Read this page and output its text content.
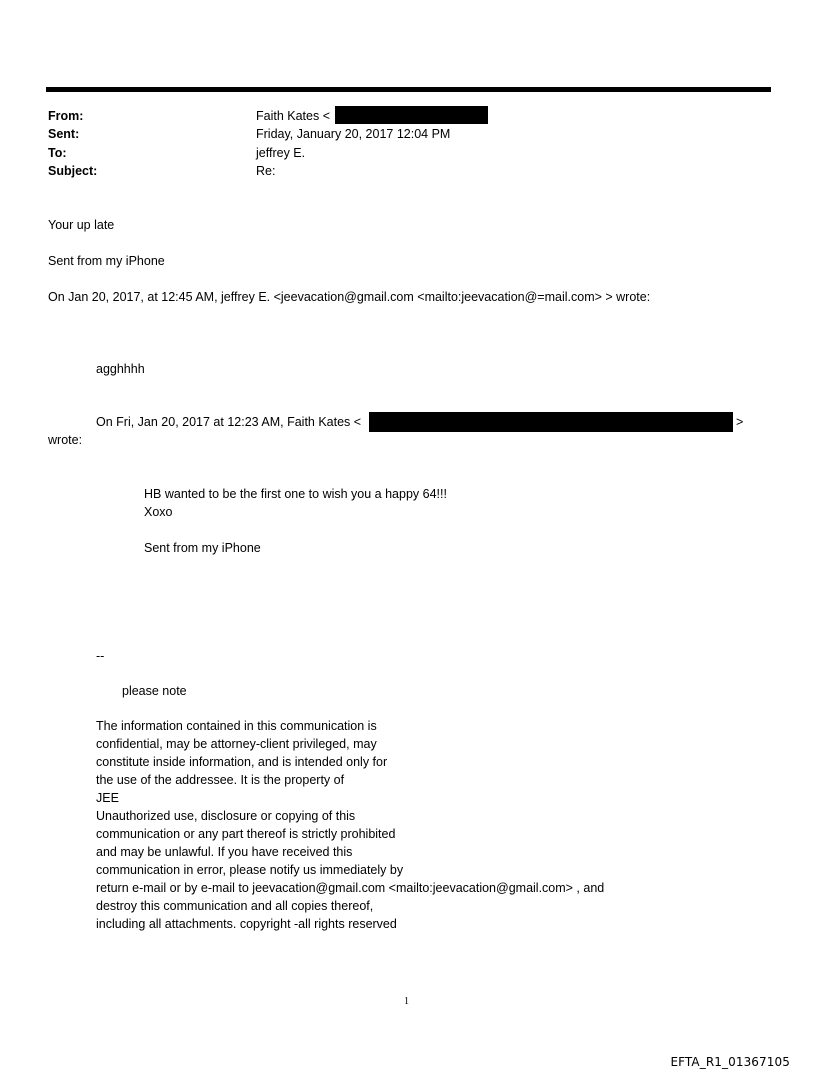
From:	Faith Kates <
Sent:	Friday, January 20, 2017 12:04 PM
To:	jeffrey E.
Subject:	Re:
Your up late
Sent from my iPhone
On Jan 20, 2017, at 12:45 AM, jeffrey E. <jeevacation@gmail.com <mailto:jeevacation@=mail.com> > wrote:
agghhhh
On Fri, Jan 20, 2017 at 12:23 AM, Faith Kates <	>
wrote:
HB wanted to be the first one to wish you a happy 64!!!
Xoxo
Sent from my iPhone
--
please note
The information contained in this communication is
confidential, may be attorney-client privileged, may
constitute inside information, and is intended only for
the use of the addressee. It is the property of
JEE
Unauthorized use, disclosure or copying of this
communication or any part thereof is strictly prohibited
and may be unlawful. If you have received this
communication in error, please notify us immediately by
return e-mail or by e-mail to jeevacation@gmail.com <mailto:jeevacation@gmail.com> , and
destroy this communication and all copies thereof,
including all attachments. copyright -all rights reserved
1
EFTA_R1_01367105
